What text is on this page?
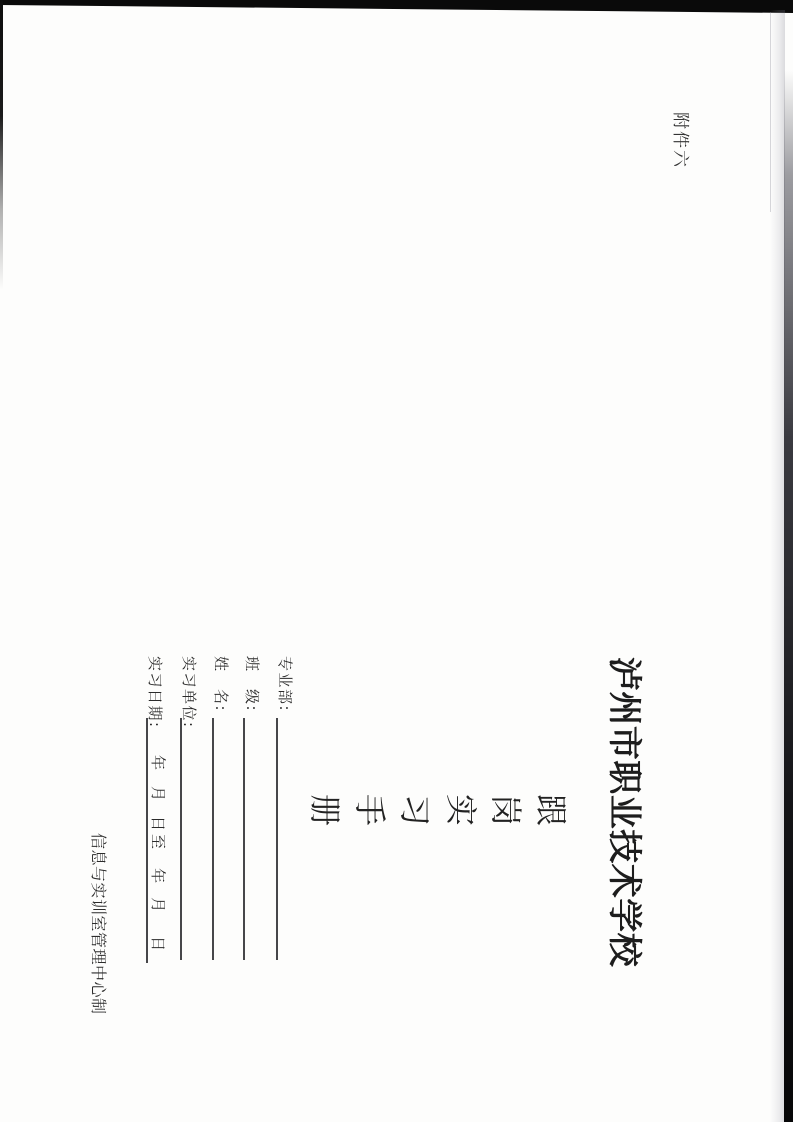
附件六
泸州市职业技术学校
跟
岗
实
习
手
册
专业部:
班　级:
姓　名:
实习单位:
实习日期:
年
月
日
至
年
月
日
信息与实训室管理中心制
